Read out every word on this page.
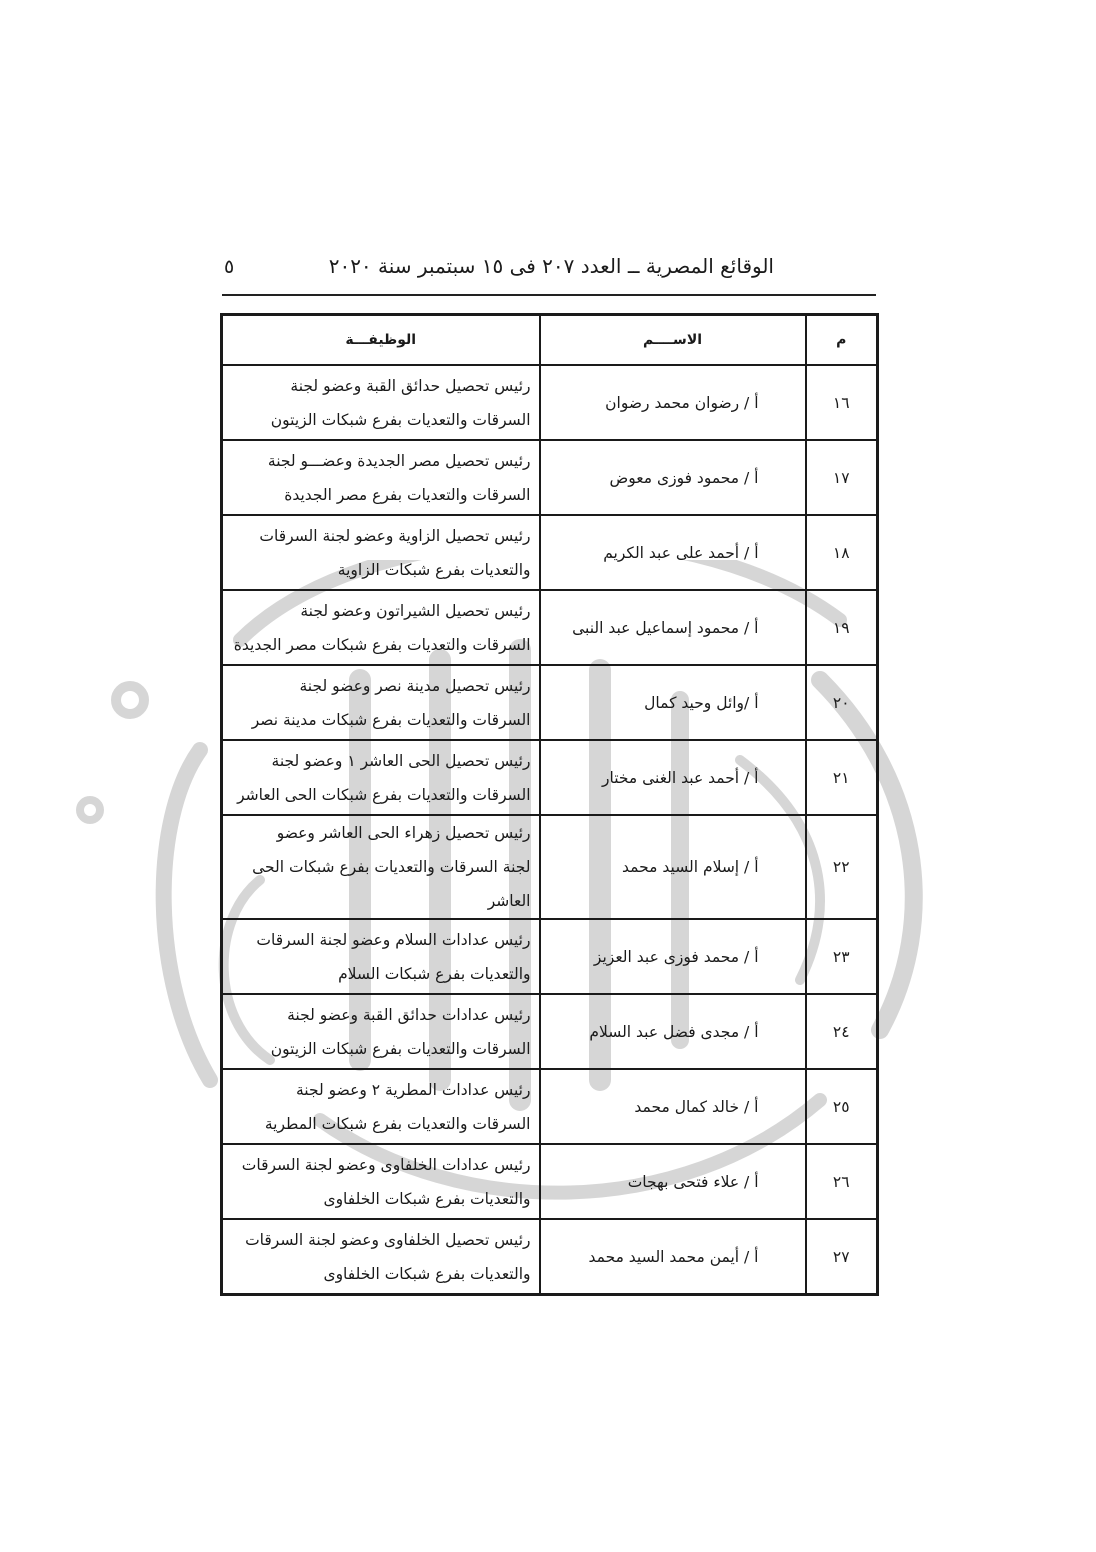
الوقائع المصرية ــ العدد ٢٠٧ فى ١٥ سبتمبر سنة ٢٠٢٠
٥
م	الاســــم	الوظيفـــة
١٦	أ / رضوان محمد رضوان	رئيس تحصيل حدائق القبة وعضو لجنة
السرقات والتعديات بفرع شبكات الزيتون

١٧	أ / محمود فوزى معوض	رئيس تحصيل مصر الجديدة وعضـــو لجنة
السرقات والتعديات بفرع مصر الجديدة

١٨	أ / أحمد على عبد الكريم	رئيس تحصيل الزاوية وعضو لجنة السرقات
والتعديات بفرع شبكات الزاوية

١٩	أ / محمود إسماعيل عبد النبى	رئيس تحصيل الشيراتون وعضو لجنة
السرقات والتعديات بفرع شبكات مصر الجديدة

٢٠	أ /وائل وحيد كمال	رئيس تحصيل مدينة نصر وعضو لجنة
السرقات والتعديات بفرع شبكات مدينة نصر

٢١	أ / أحمد عبد الغنى مختار	رئيس تحصيل الحى العاشر ١ وعضو لجنة
السرقات والتعديات بفرع شبكات الحى العاشر

٢٢	أ / إسلام السيد محمد	رئيس تحصيل زهراء الحى العاشر وعضو
لجنة السرقات والتعديات بفرع شبكات الحى العاشر

٢٣	أ / محمد فوزى عبد العزيز	رئيس عدادات السلام وعضو لجنة السرقات
والتعديات بفرع شبكات السلام

٢٤	أ / مجدى فضل عبد السلام	رئيس عدادات حدائق القبة وعضو لجنة
السرقات والتعديات بفرع شبكات الزيتون

٢٥	أ / خالد كمال محمد	رئيس عدادات المطرية ٢ وعضو لجنة
السرقات والتعديات بفرع شبكات المطرية

٢٦	أ / علاء فتحى بهجات	رئيس عدادات الخلفاوى وعضو لجنة السرقات
والتعديات بفرع شبكات الخلفاوى

٢٧	أ / أيمن محمد السيد محمد	رئيس تحصيل الخلفاوى وعضو لجنة السرقات
والتعديات بفرع شبكات الخلفاوى
